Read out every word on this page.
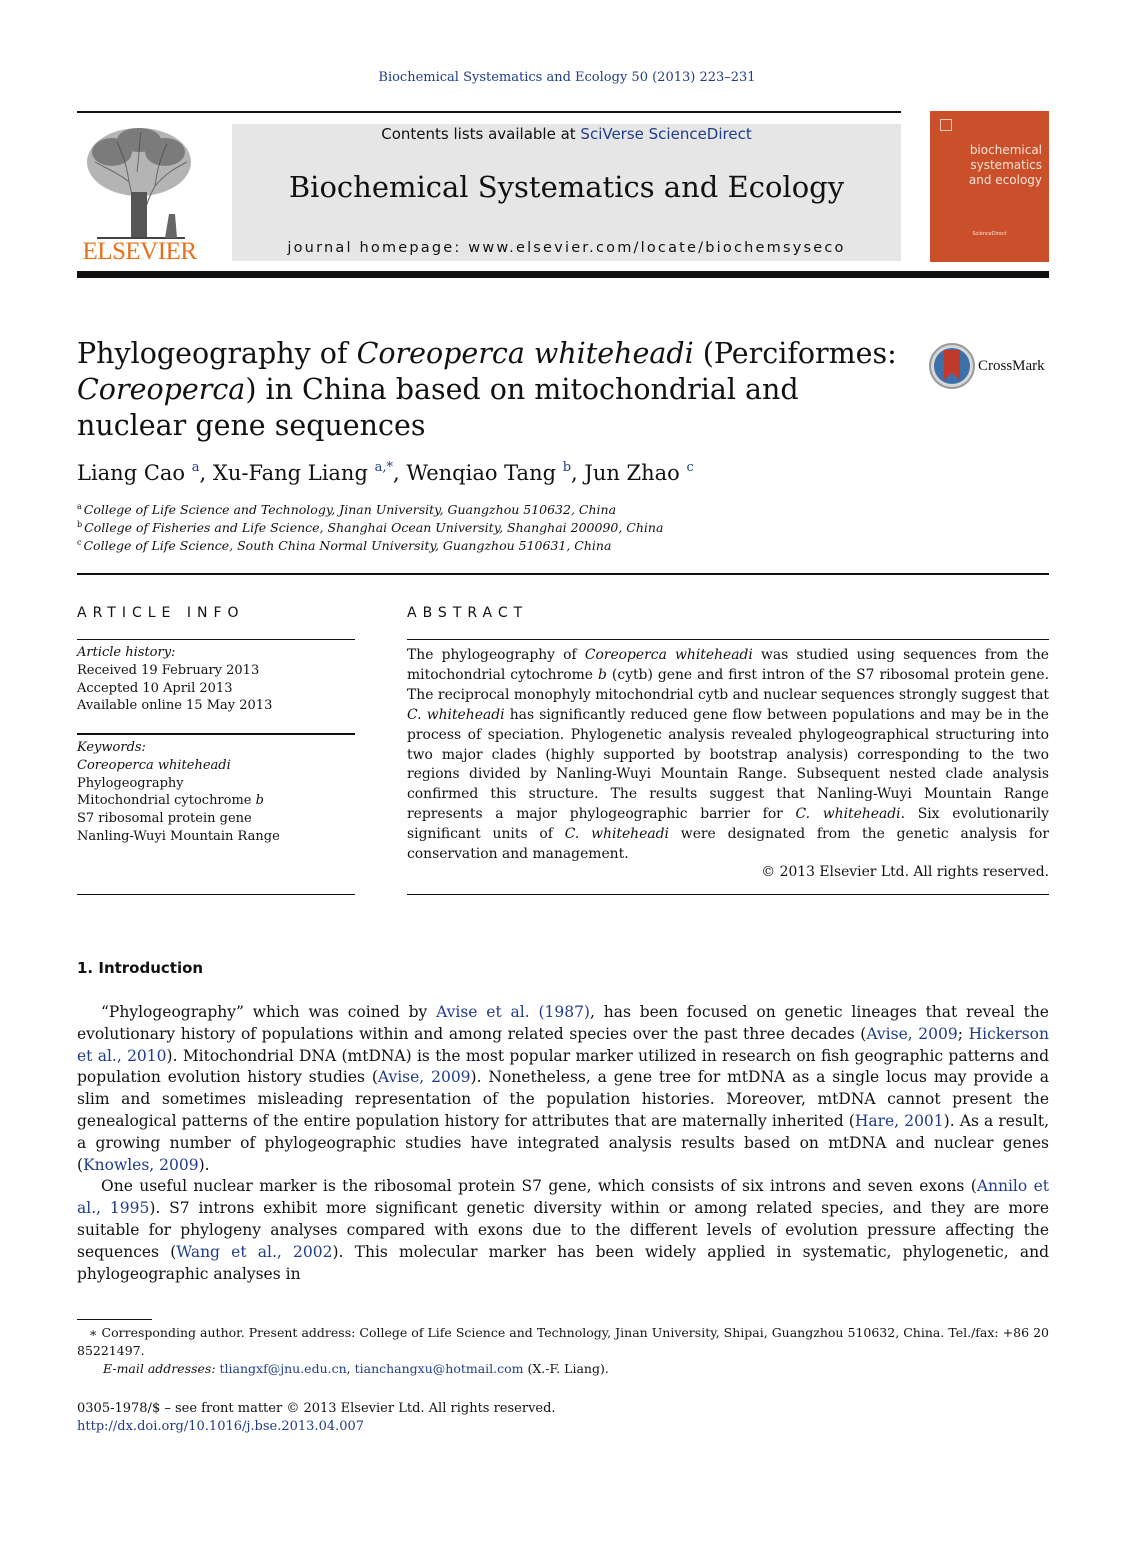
Biochemical Systematics and Ecology 50 (2013) 223–231
ELSEVIER
Contents lists available at SciVerse ScienceDirect
Biochemical Systematics and Ecology
journal homepage: www.elsevier.com/locate/biochemsyseco
biochemical
systematics
and ecology
ScienceDirect
Phylogeography of Coreoperca whiteheadi (Perciformes: Coreoperca) in China based on mitochondrial and nuclear gene sequences
CrossMark
Liang Cao $^a$, Xu-Fang Liang $^{a,*}$, Wenqiao Tang $^b$, Jun Zhao $^c$
$^a$ College of Life Science and Technology, Jinan University, Guangzhou 510632, China
$^b$ College of Fisheries and Life Science, Shanghai Ocean University, Shanghai 200090, China
$^c$ College of Life Science, South China Normal University, Guangzhou 510631, China
ARTICLE INFO
Article history:
Received 19 February 2013
Accepted 10 April 2013
Available online 15 May 2013
Keywords:
Coreoperca whiteheadi
Phylogeography
Mitochondrial cytochrome b
S7 ribosomal protein gene
Nanling-Wuyi Mountain Range
ABSTRACT

The phylogeography of Coreoperca whiteheadi was studied using sequences from the mitochondrial cytochrome b (cytb) gene and first intron of the S7 ribosomal protein gene. The reciprocal monophyly mitochondrial cytb and nuclear sequences strongly suggest that C. whiteheadi has significantly reduced gene flow between populations and may be in the process of speciation. Phylogenetic analysis revealed phylogeographical structuring into two major clades (highly supported by bootstrap analysis) corresponding to the two regions divided by Nanling-Wuyi Mountain Range. Subsequent nested clade analysis confirmed this structure. The results suggest that Nanling-Wuyi Mountain Range represents a major phylogeographic barrier for C. whiteheadi. Six evolutionarily significant units of C. whiteheadi were designated from the genetic analysis for conservation and management.

© 2013 Elsevier Ltd. All rights reserved.
1. Introduction

“Phylogeography” which was coined by Avise et al. (1987), has been focused on genetic lineages that reveal the evolutionary history of populations within and among related species over the past three decades (Avise, 2009; Hickerson et al., 2010). Mitochondrial DNA (mtDNA) is the most popular marker utilized in research on fish geographic patterns and population evolution history studies (Avise, 2009). Nonetheless, a gene tree for mtDNA as a single locus may provide a slim and sometimes misleading representation of the population histories. Moreover, mtDNA cannot present the genealogical patterns of the entire population history for attributes that are maternally inherited (Hare, 2001). As a result, a growing number of phylogeographic studies have integrated analysis results based on mtDNA and nuclear genes (Knowles, 2009).

One useful nuclear marker is the ribosomal protein S7 gene, which consists of six introns and seven exons (Annilo et al., 1995). S7 introns exhibit more significant genetic diversity within or among related species, and they are more suitable for phylogeny analyses compared with exons due to the different levels of evolution pressure affecting the sequences (Wang et al., 2002). This molecular marker has been widely applied in systematic, phylogenetic, and phylogeographic analyses in

∗ Corresponding author. Present address: College of Life Science and Technology, Jinan University, Shipai, Guangzhou 510632, China. Tel./fax: +86 20 85221497.

E-mail addresses: tliangxf@jnu.edu.cn, tianchangxu@hotmail.com (X.-F. Liang).
0305-1978/$ – see front matter © 2013 Elsevier Ltd. All rights reserved.
http://dx.doi.org/10.1016/j.bse.2013.04.007
